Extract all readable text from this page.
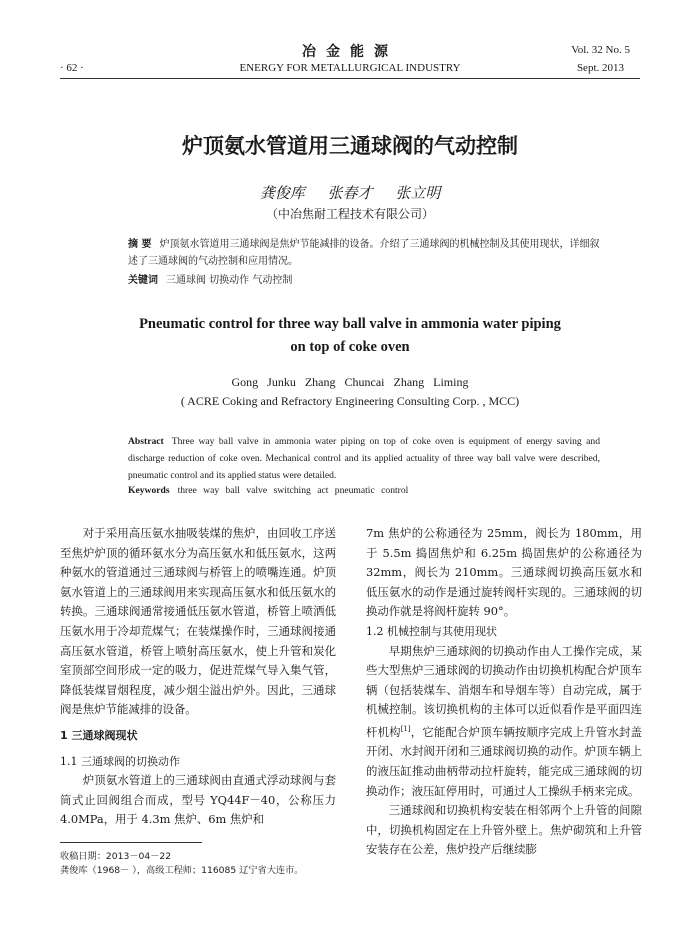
冶金能源
ENERGY FOR METALLURGICAL INDUSTRY
Vol. 32 No. 5
Sept. 2013
· 62 ·
炉顶氨水管道用三通球阀的气动控制
龚俊库 张春才 张立明
（中冶焦耐工程技术有限公司）
摘 要 炉顶氨水管道用三通球阀是焦炉节能减排的设备。介绍了三通球阀的机械控制及其使用现状，详细叙述了三通球阀的气动控制和应用情况。
关键词 三通球阀 切换动作 气动控制
Pneumatic control for three way ball valve in ammonia water piping
on top of coke oven
Gong Junku Zhang Chuncai Zhang Liming
( ACRE Coking and Refractory Engineering Consulting Corp. , MCC)
Abstract Three way ball valve in ammonia water piping on top of coke oven is equipment of energy saving and discharge reduction of coke oven. Mechanical control and its applied actuality of three way ball valve were described, pneumatic control and its applied status were detailed.
Keywords three way ball valve switching act pneumatic control

对于采用高压氨水抽吸装煤的焦炉，由回收工序送至焦炉炉顶的循环氨水分为高压氨水和低压氨水，这两种氨水的管道通过三通球阀与桥管上的喷嘴连通。炉顶氨水管道上的三通球阀用来实现高压氨水和低压氨水的转换。三通球阀通常接通低压氨水管道，桥管上喷洒低压氨水用于冷却荒煤气；在装煤操作时，三通球阀接通高压氨水管道，桥管上喷射高压氨水，使上升管和炭化室顶部空间形成一定的吸力，促进荒煤气导入集气管，降低装煤冒烟程度，减少烟尘溢出炉外。因此，三通球阀是焦炉节能减排的设备。

1 三通球阀现状
1.1 三通球阀的切换动作

炉顶氨水管道上的三通球阀由直通式浮动球阀与套筒式止回阀组合而成，型号 YQ44F－40，公称压力 4.0MPa，用于 4.3m 焦炉、6m 焦炉和

7m 焦炉的公称通径为 25mm，阀长为 180mm，用于 5.5m 捣固焦炉和 6.25m 捣固焦炉的公称通径为 32mm，阀长为 210mm。三通球阀切换高压氨水和低压氨水的动作是通过旋转阀杆实现的。三通球阀的切换动作就是将阀杆旋转 90°。

1.2 机械控制与其使用现状

早期焦炉三通球阀的切换动作由人工操作完成，某些大型焦炉三通球阀的切换动作由切换机构配合炉顶车辆（包括装煤车、消烟车和导烟车等）自动完成，属于机械控制。该切换机构的主体可以近似看作是平面四连杆机构[1]，它能配合炉顶车辆按顺序完成上升管水封盖开闭、水封阀开闭和三通球阀切换的动作。炉顶车辆上的液压缸推动曲柄带动拉杆旋转，能完成三通球阀的切换动作；液压缸停用时，可通过人工操纵手柄来完成。

三通球阀和切换机构安装在相邻两个上升管的间隙中，切换机构固定在上升管外壁上。焦炉砌筑和上升管安装存在公差，焦炉投产后继续膨

收稿日期：2013－04－22
龚俊库（1968－ ），高级工程师；116085 辽宁省大连市。
